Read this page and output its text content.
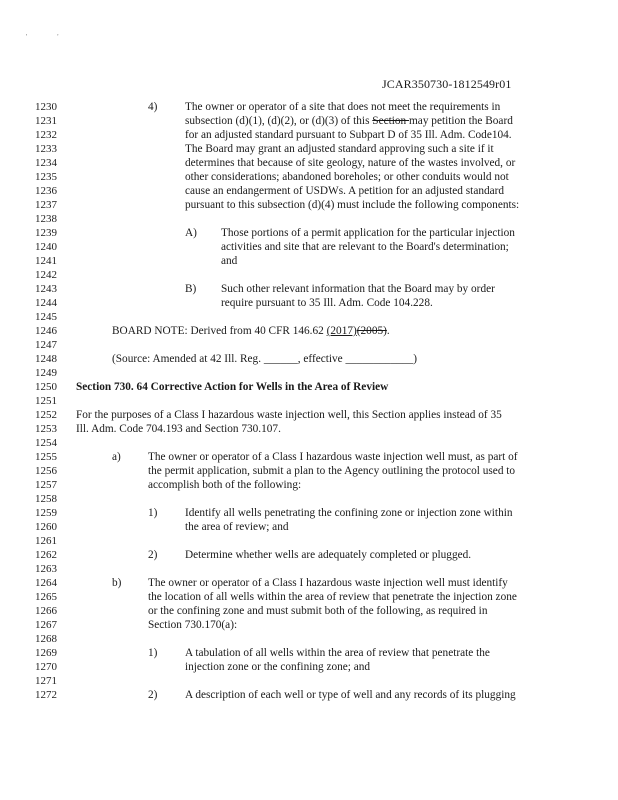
''
JCAR350730-1812549r01
1230
1231
1232
1233
1234
1235
1236
1237
1238
1239
1240
1241
1242
1243
1244
1245
1246
1247
1248
1249
1250
1251
1252
1253
1254
1255
1256
1257
1258
1259
1260
1261
1262
1263
1264
1265
1266
1267
1268
1269
1270
1271
1272
4) The owner or operator of a site that does not meet the requirements in
subsection (d)(1), (d)(2), or (d)(3) of this Section may petition the Board
for an adjusted standard pursuant to Subpart D of 35 Ill. Adm. Code104.
The Board may grant an adjusted standard approving such a site if it
determines that because of site geology, nature of the wastes involved, or
other considerations; abandoned boreholes; or other conduits would not
cause an endangerment of USDWs. A petition for an adjusted standard
pursuant to this subsection (d)(4) must include the following components:
A) Those portions of a permit application for the particular injection
activities and site that are relevant to the Board's determination;
and
B) Such other relevant information that the Board may by order
require pursuant to 35 Ill. Adm. Code 104.228.
BOARD NOTE: Derived from 40 CFR 146.62 (2017)(2005).
(Source: Amended at 42 Ill. Reg. ______, effective ____________)
Section 730. 64 Corrective Action for Wells in the Area of Review
For the purposes of a Class I hazardous waste injection well, this Section applies instead of 35
Ill. Adm. Code 704.193 and Section 730.107.
a) The owner or operator of a Class I hazardous waste injection well must, as part of
the permit application, submit a plan to the Agency outlining the protocol used to
accomplish both of the following:
1) Identify all wells penetrating the confining zone or injection zone within
the area of review; and
2) Determine whether wells are adequately completed or plugged.
b) The owner or operator of a Class I hazardous waste injection well must identify
the location of all wells within the area of review that penetrate the injection zone
or the confining zone and must submit both of the following, as required in
Section 730.170(a):
1) A tabulation of all wells within the area of review that penetrate the
injection zone or the confining zone; and
2) A description of each well or type of well and any records of its plugging
